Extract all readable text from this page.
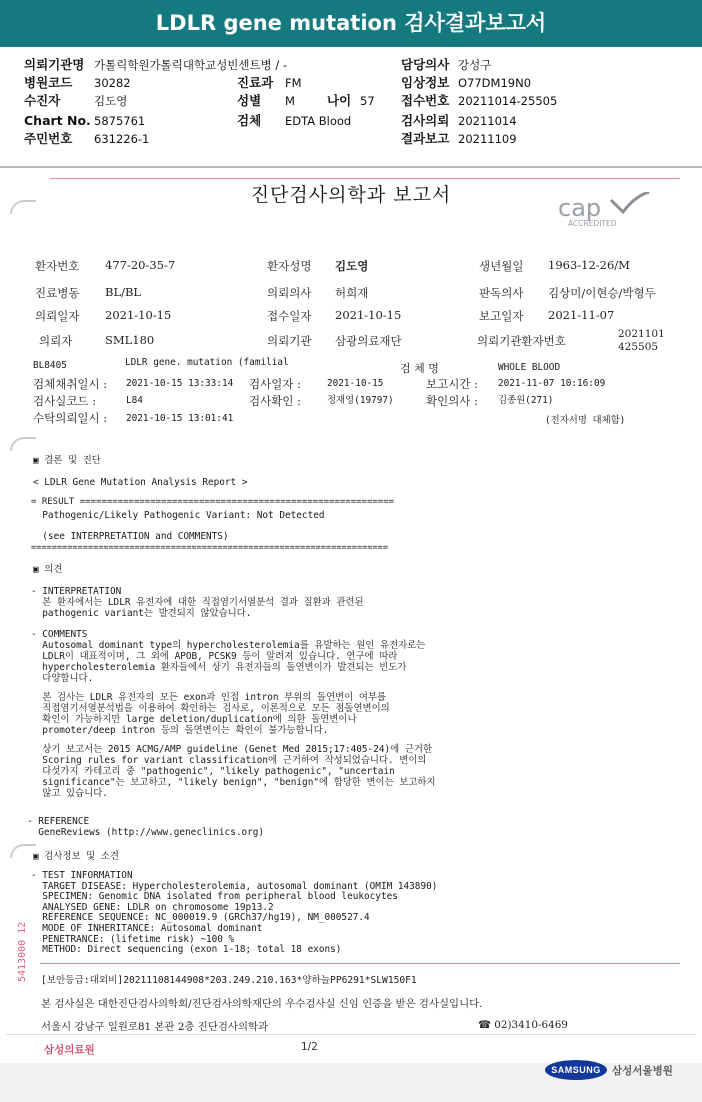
LDLR gene mutation 검사결과보고서
의뢰기관명 가톨릭학원가톨릭대학교성빈센트병 / -	담당의사 강성구
병원코드 30282	진료과 FM	임상정보 O77DM19N0
수진자	김도영	성별 M	나이 57 접수번호 20211014-25505
Chart No. 5875761	검체 EDTA Blood	검사의뢰 20211014
주민번호 631226-1	결과보고 20211109
진단검사의학과 보고서	cap
ACCREDITED
환자번호 477-20-35-7	환자성명 김도영	생년월일 1963-12-26/M
진료병동 BL/BL	의뢰의사 허희재	판독의사 김상미/이현승/박형두
의뢰일자 2021-10-15	접수일자 2021-10-15	보고일자 2021-11-07
의뢰자	SML180	의뢰기관 삼광의료재단	의뢰기관환자번호	2021101425505
BL8405	LDLR gene. mutation (familial	검 체 명	WHOLE BLOOD
검체채취일시 : 2021-10-15 13:33:14 검사일자 :	2021-10-15	보고시간 : 2021-11-07 10:16:09
검사실코드 :	L84	검사확인 :	정재영(19797)	확인의사 : 김종원(271)
수탁의뢰일시 : 2021-10-15 13:01:41	(전자서명 대체함)
▣ 결론 및 진단
< LDLR Gene Mutation Analysis Report >
= RESULT ==========================================================
Pathogenic/Likely Pathogenic Variant: Not Detected
(see INTERPRETATION and COMMENTS)
=====================================================================
▣ 의견
- INTERPRETATION
본 환자에서는 LDLR 유전자에 대한 직접염기서열분석 결과 질환과 관련된
pathogenic variant는 발견되지 않았습니다.
- COMMENTS
Autosomal dominant type의 hypercholesterolemia를 유발하는 원인 유전자로는
LDLR이 대표적이며, 그 외에 APOB, PCSK9 등이 알려져 있습니다. 연구에 따라
hypercholesterolemia 환자들에서 상기 유전자들의 돌연변이가 발견되는 빈도가
다양합니다.
본 검사는 LDLR 유전자의 모든 exon과 인접 intron 부위의 돌연변이 여부를
직접염기서열분석법을 이용하여 확인하는 검사로, 이론적으로 모든 점돌연변이의
확인이 가능하지만 large deletion/duplication에 의한 돌연변이나
promoter/deep intron 등의 돌연변이는 확인이 불가능합니다.
상기 보고서는 2015 ACMG/AMP guideline (Genet Med 2015;17:405-24)에 근거한
Scoring rules for variant classification에 근거하여 작성되었습니다. 변이의
다섯가지 카테고리 중 "pathogenic", "likely pathogenic", "uncertain
significance"는 보고하고, "likely benign", "benign"에 합당한 변이는 보고하지
않고 있습니다.
- REFERENCE
GeneReviews (http://www.geneclinics.org)
▣ 검사정보 및 소견
- TEST INFORMATION
TARGET DISEASE: Hypercholesterolemia, autosomal dominant (OMIM 143890)
SPECIMEN: Genomic DNA isolated from peripheral blood leukocytes
ANALYSED GENE: LDLR on chromosome 19p13.2
REFERENCE SEQUENCE: NC_000019.9 (GRCh37/hg19), NM_000527.4
MODE OF INHERITANCE: Autosomal dominant
PENETRANCE: (lifetime risk) ~100 %
METHOD: Direct sequencing (exon 1-18; total 18 exons)
5413000 12	[보안등급:대외비]20211108144908*203.249.210.163*양하늘PP6291*SLW150F1
본 검사실은 대한진단검사의학회/진단검사의학재단의 우수검사실 신임 인증을 받은 검사실입니다.
서울시 강남구 일원로81 본관 2층 진단검사의학과	☎ 02)3410-6469
삼성의료원	1/2
SAMSUNG	삼성서울병원
